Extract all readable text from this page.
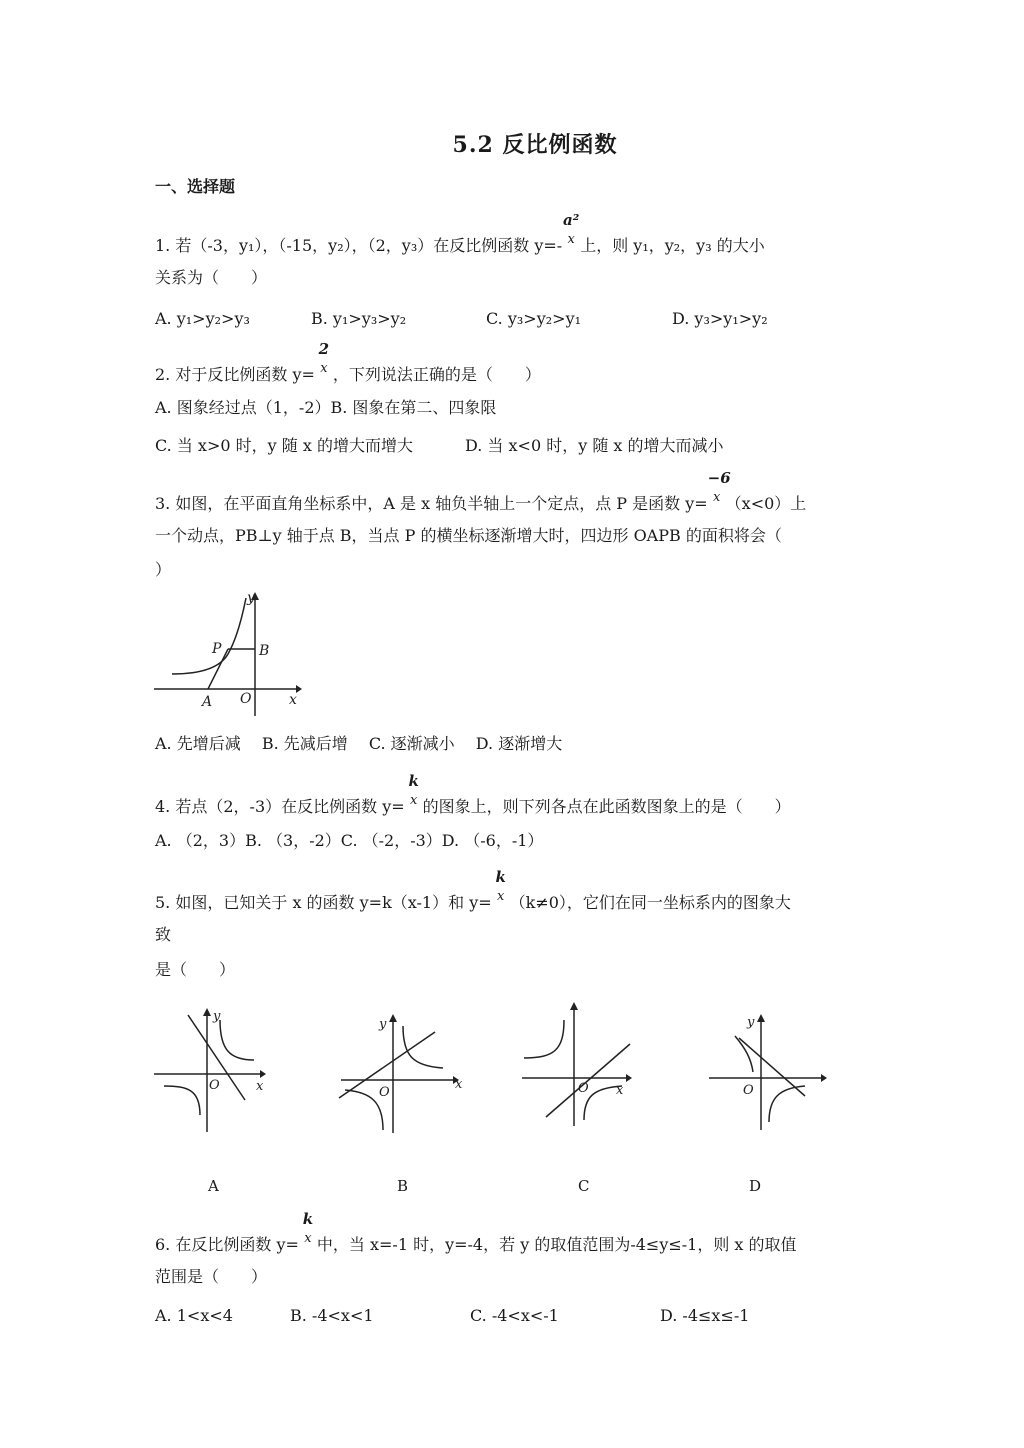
5.2 反比例函数
一、选择题
1. 若（-3，y₁），（-15，y₂），（2，y₃）在反比例函数 y=-
a²
x 上，则 y₁，y₂，y₃ 的大小
关系为（　　）
A. y₁>y₂>y₃	B. y₁>y₃>y₂	C. y₃>y₂>y₁	D. y₃>y₁>y₂
2. 对于反比例函数 y=
2
x ，下列说法正确的是（　　）
A. 图象经过点（1，-2）B. 图象在第二、四象限
C. 当 x>0 时，y 随 x 的增大而增大	D. 当 x<0 时，y 随 x 的增大而减小
3. 如图，在平面直角坐标系中，A 是 x 轴负半轴上一个定点，点 P 是函数 y=
−6
x （x<0）上
一个动点，PB⊥y 轴于点 B，当点 P 的横坐标逐渐增大时，四边形 OAPB 的面积将会（
）
y
x
P	B
A O
A. 先增后减　 B. 先减后增　 C. 逐渐减小　 D. 逐渐增大
4. 若点（2，-3）在反比例函数 y=
k
x 的图象上，则下列各点在此函数图象上的是（　　）
A. （2，3）B. （3，-2）C. （-2，-3）D. （-6，-1）
5. 如图，已知关于 x 的函数 y=k（x-1）和 y=
k
x （k≠0），它们在同一坐标系内的图象大
致
是（　　）
y
x
O
y
x
O	O x
y
O
A	B	C	D
6. 在反比例函数 y=
k
x 中，当 x=-1 时，y=-4，若 y 的取值范围为-4≤y≤-1，则 x 的取值
范围是（　　）
A. 1<x<4	B. -4<x<1	C. -4<x<-1	D. -4≤x≤-1
